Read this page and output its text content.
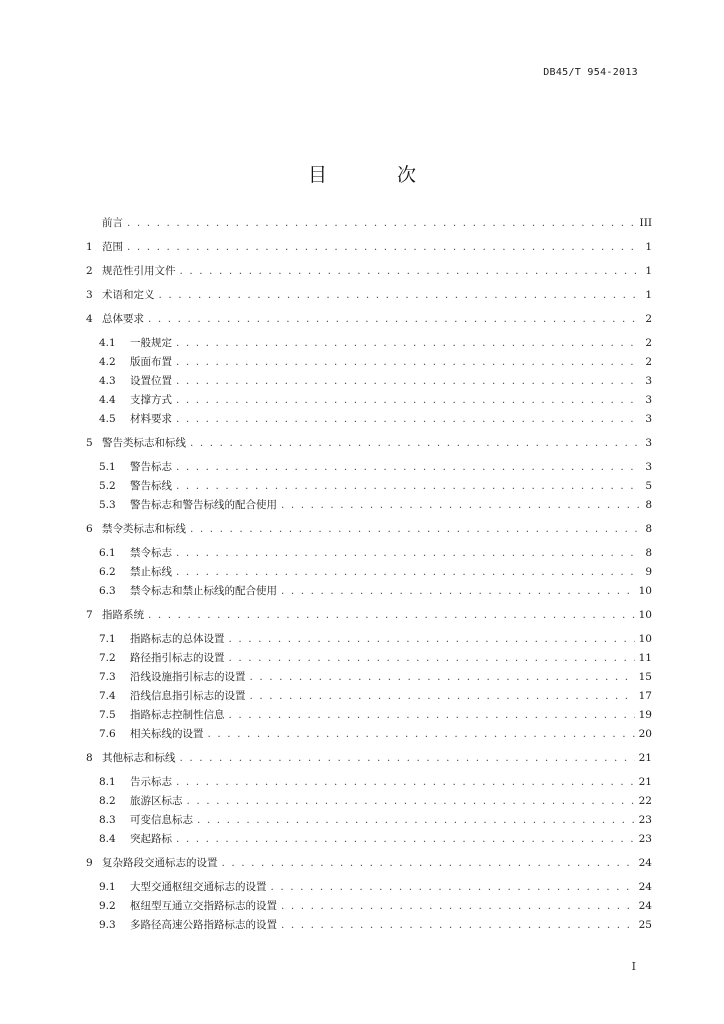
DB45/T 954-2013
目 次
前言 . . .	III
1 范围 . . .	1
2 规范性引用文件 . . .	1
3 术语和定义 . . .	1
4 总体要求 . . .	2
4.1	一般规定 . . .	2
4.2	版面布置 . . .	2
4.3	设置位置 . . .	3
4.4	支撑方式 . . .	3
4.5	材料要求 . . .	3
5 警告类标志和标线 . . .	3
5.1	警告标志 . . .	3
5.2	警告标线 . . .	5
5.3	警告标志和警告标线的配合使用 . . .	8
6 禁令类标志和标线 . . .	8
6.1	禁令标志 . . .	8
6.2	禁止标线 . . .	9
6.3	禁令标志和禁止标线的配合使用 . . .	10
7 指路系统 . . .	10
7.1	指路标志的总体设置 . . .	10
7.2	路径指引标志的设置 . . .	11
7.3	沿线设施指引标志的设置 . . .	15
7.4	沿线信息指引标志的设置 . . .	17
7.5	指路标志控制性信息 . . .	19
7.6	相关标线的设置 . . .	20
8 其他标志和标线 . . .	21
8.1	告示标志 . . .	21
8.2	旅游区标志 . . .	22
8.3	可变信息标志 . . .	23
8.4	突起路标 . . .	23
9 复杂路段交通标志的设置 . . .	24
9.1	大型交通枢纽交通标志的设置 . . .	24
9.2	枢纽型互通立交指路标志的设置 . . .	24
9.3	多路径高速公路指路标志的设置 . . .	25
I
